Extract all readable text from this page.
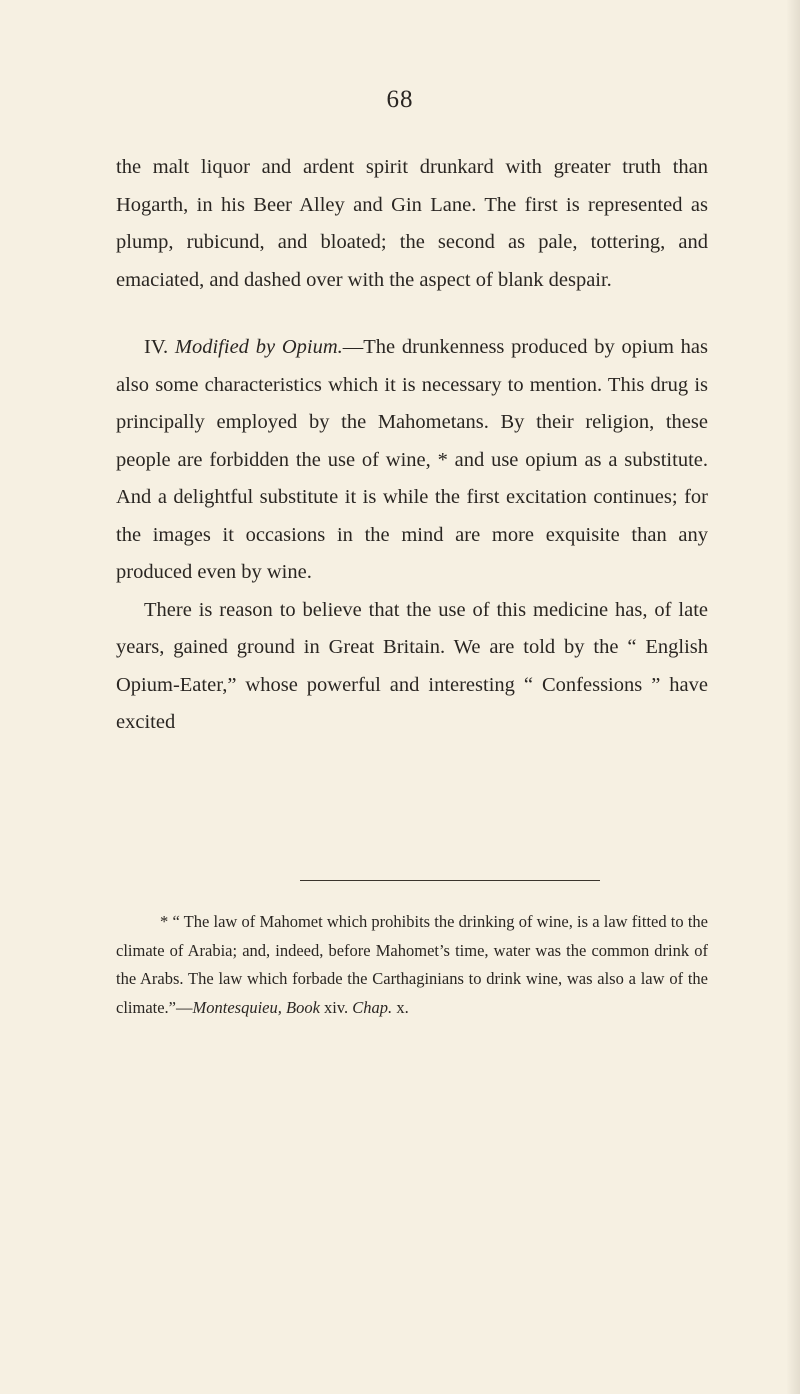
68

the malt liquor and ardent spirit drunkard with greater truth than Hogarth, in his Beer Alley and Gin Lane. The first is represented as plump, rubicund, and bloated; the second as pale, tottering, and emaciated, and dashed over with the aspect of blank despair.

IV. Modified by Opium.—The drunkenness produced by opium has also some characteristics which it is necessary to mention. This drug is principally employed by the Mahometans. By their religion, these people are forbidden the use of wine, * and use opium as a substitute. And a delightful substitute it is while the first excitation continues; for the images it occasions in the mind are more exquisite than any produced even by wine.

There is reason to believe that the use of this medicine has, of late years, gained ground in Great Britain. We are told by the “ English Opium-Eater,” whose powerful and interesting “ Confessions ” have excited

* “ The law of Mahomet which prohibits the drinking of wine, is a law fitted to the climate of Arabia; and, indeed, before Mahomet’s time, water was the common drink of the Arabs. The law which forbade the Carthaginians to drink wine, was also a law of the climate.”—Montesquieu, Book xiv. Chap. x.
